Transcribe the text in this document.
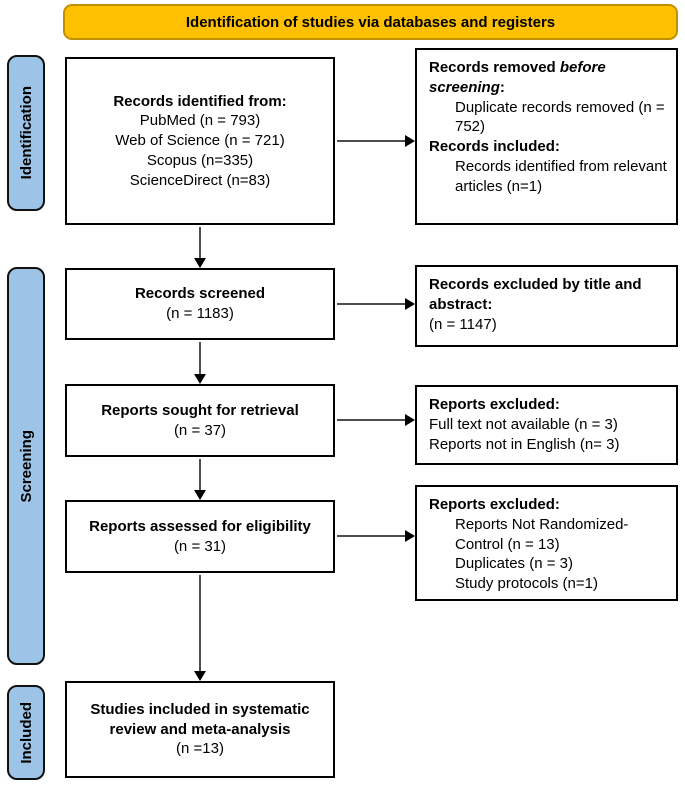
Identification of studies via databases and registers
Identification
Screening
Included
Records identified from:
PubMed (n = 793)
Web of Science (n = 721)
Scopus (n=335)
ScienceDirect (n=83)
Records screened
(n = 1183)
Reports sought for retrieval
(n = 37)
Reports assessed for eligibility
(n = 31)
Studies included in systematic review and meta-analysis
(n =13)
Records removed before screening:
Duplicate records removed (n = 752)
Records included:
Records identified from relevant articles (n=1)
Records excluded by title and abstract:
(n = 1147)
Reports excluded:
Full text not available (n = 3)
Reports not in English (n= 3)
Reports excluded:
Reports Not Randomized-Control (n = 13)
Duplicates (n = 3)
Study protocols (n=1)
